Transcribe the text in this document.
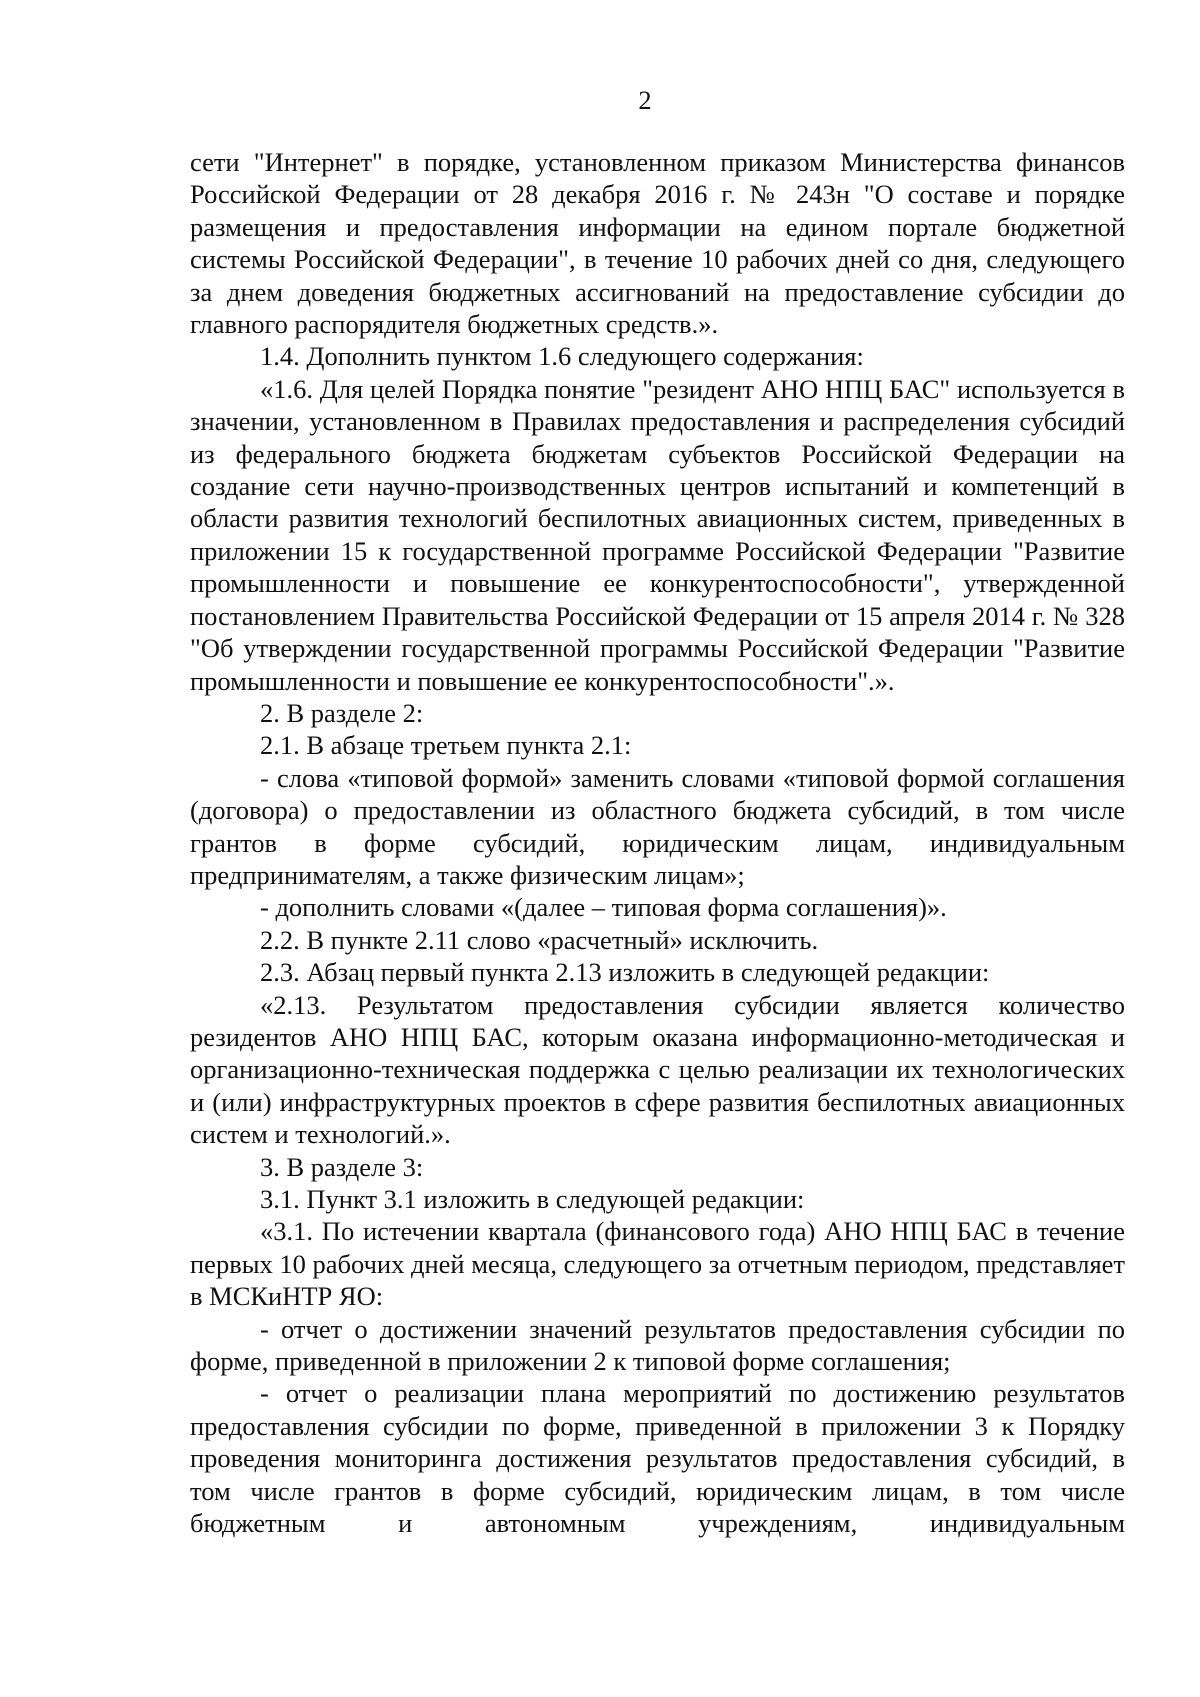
2

сети "Интернет" в порядке, установленном приказом Министерства финансов Российской Федерации от 28 декабря 2016 г. № 243н "О составе и порядке размещения и предоставления информации на едином портале бюджетной системы Российской Федерации", в течение 10 рабочих дней со дня, следующего за днем доведения бюджетных ассигнований на предоставление субсидии до главного распорядителя бюджетных средств.».

1.4. Дополнить пунктом 1.6 следующего содержания:

«1.6. Для целей Порядка понятие "резидент АНО НПЦ БАС" используется в значении, установленном в Правилах предоставления и распределения субсидий из федерального бюджета бюджетам субъектов Российской Федерации на создание сети научно-производственных центров испытаний и компетенций в области развития технологий беспилотных авиационных систем, приведенных в приложении 15 к государственной программе Российской Федерации "Развитие промышленности и повышение ее конкурентоспособности", утвержденной постановлением Правительства Российской Федерации от 15 апреля 2014 г. № 328 "Об утверждении государственной программы Российской Федерации "Развитие промышленности и повышение ее конкурентоспособности".».

2. В разделе 2:

2.1. В абзаце третьем пункта 2.1:

- слова «типовой формой» заменить словами «типовой формой соглашения (договора) о предоставлении из областного бюджета субсидий, в том числе грантов в форме субсидий, юридическим лицам, индивидуальным предпринимателям, а также физическим лицам»;

- дополнить словами «(далее – типовая форма соглашения)».

2.2. В пункте 2.11 слово «расчетный» исключить.

2.3. Абзац первый пункта 2.13 изложить в следующей редакции:

«2.13. Результатом предоставления субсидии является количество резидентов АНО НПЦ БАС, которым оказана информационно-методическая и организационно-техническая поддержка с целью реализации их технологических и (или) инфраструктурных проектов в сфере развития беспилотных авиационных систем и технологий.».

3. В разделе 3:

3.1. Пункт 3.1 изложить в следующей редакции:

«3.1. По истечении квартала (финансового года) АНО НПЦ БАС в течение первых 10 рабочих дней месяца, следующего за отчетным периодом, представляет в МСКиНТР ЯО:

- отчет о достижении значений результатов предоставления субсидии по форме, приведенной в приложении 2 к типовой форме соглашения;

- отчет о реализации плана мероприятий по достижению результатов предоставления субсидии по форме, приведенной в приложении 3 к Порядку проведения мониторинга достижения результатов предоставления субсидий, в том числе грантов в форме субсидий, юридическим лицам, в том числе бюджетным и автономным учреждениям, индивидуальным
